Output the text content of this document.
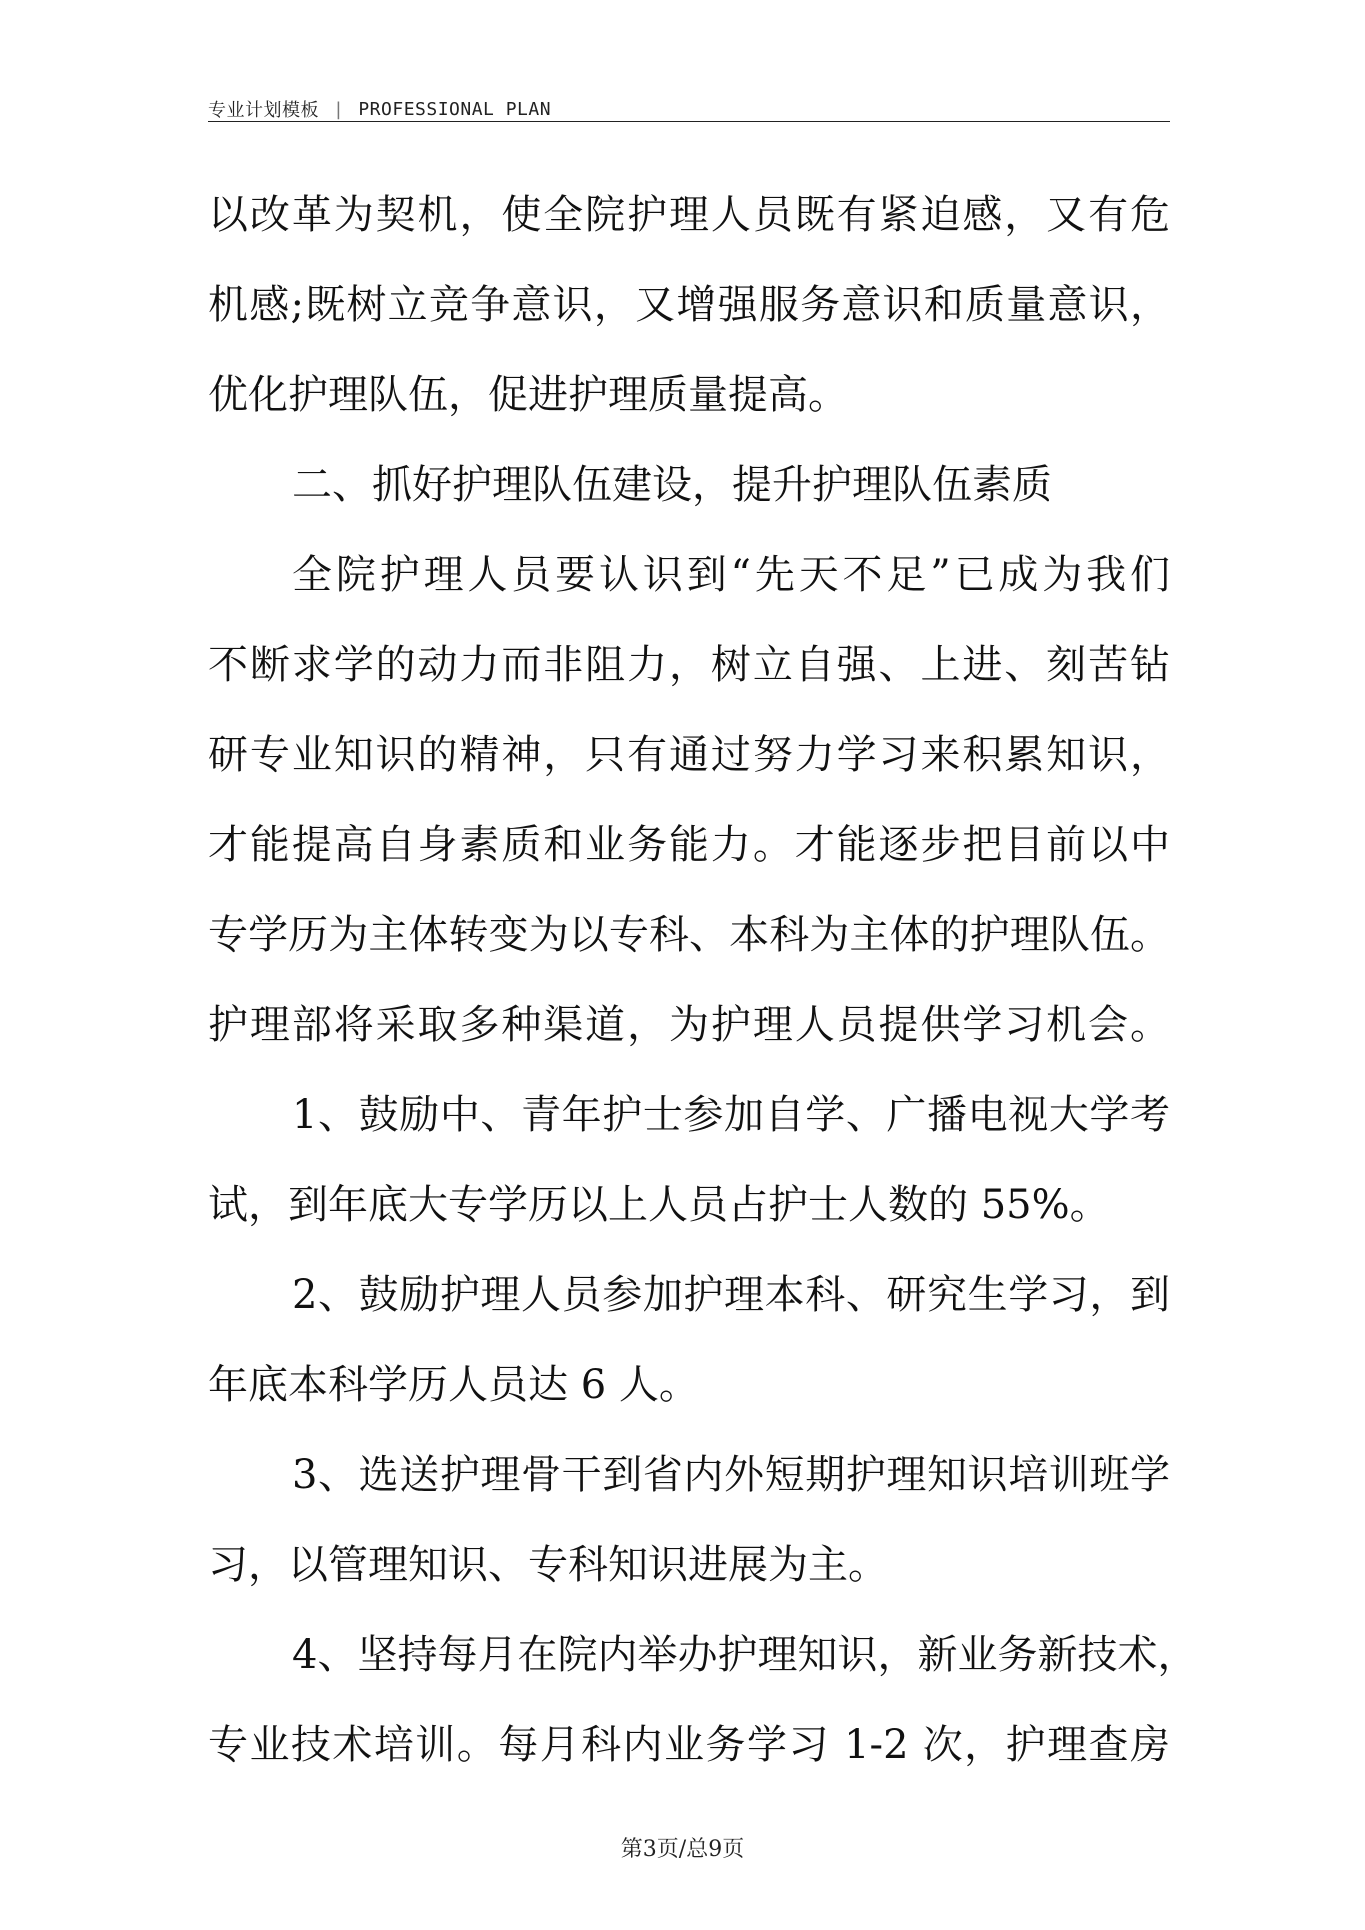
专业计划模板 | PROFESSIONAL PLAN
以改革为契机，使全院护理人员既有紧迫感，又有危
机感;既树立竞争意识，又增强服务意识和质量意识，
优化护理队伍，促进护理质量提高。
二、抓好护理队伍建设，提升护理队伍素质
全院护理人员要认识到“先天不足”已成为我们
不断求学的动力而非阻力，树立自强、上进、刻苦钻
研专业知识的精神，只有通过努力学习来积累知识，
才能提高自身素质和业务能力。才能逐步把目前以中
专学历为主体转变为以专科、本科为主体的护理队伍。
护理部将采取多种渠道，为护理人员提供学习机会。
1、鼓励中、青年护士参加自学、广播电视大学考
试，到年底大专学历以上人员占护士人数的 55%。
2、鼓励护理人员参加护理本科、研究生学习，到
年底本科学历人员达 6 人。
3、选送护理骨干到省内外短期护理知识培训班学
习，以管理知识、专科知识进展为主。
4、坚持每月在院内举办护理知识，新业务新技术，
专业技术培训。每月科内业务学习 1-2 次，护理查房
第3页/总9页
